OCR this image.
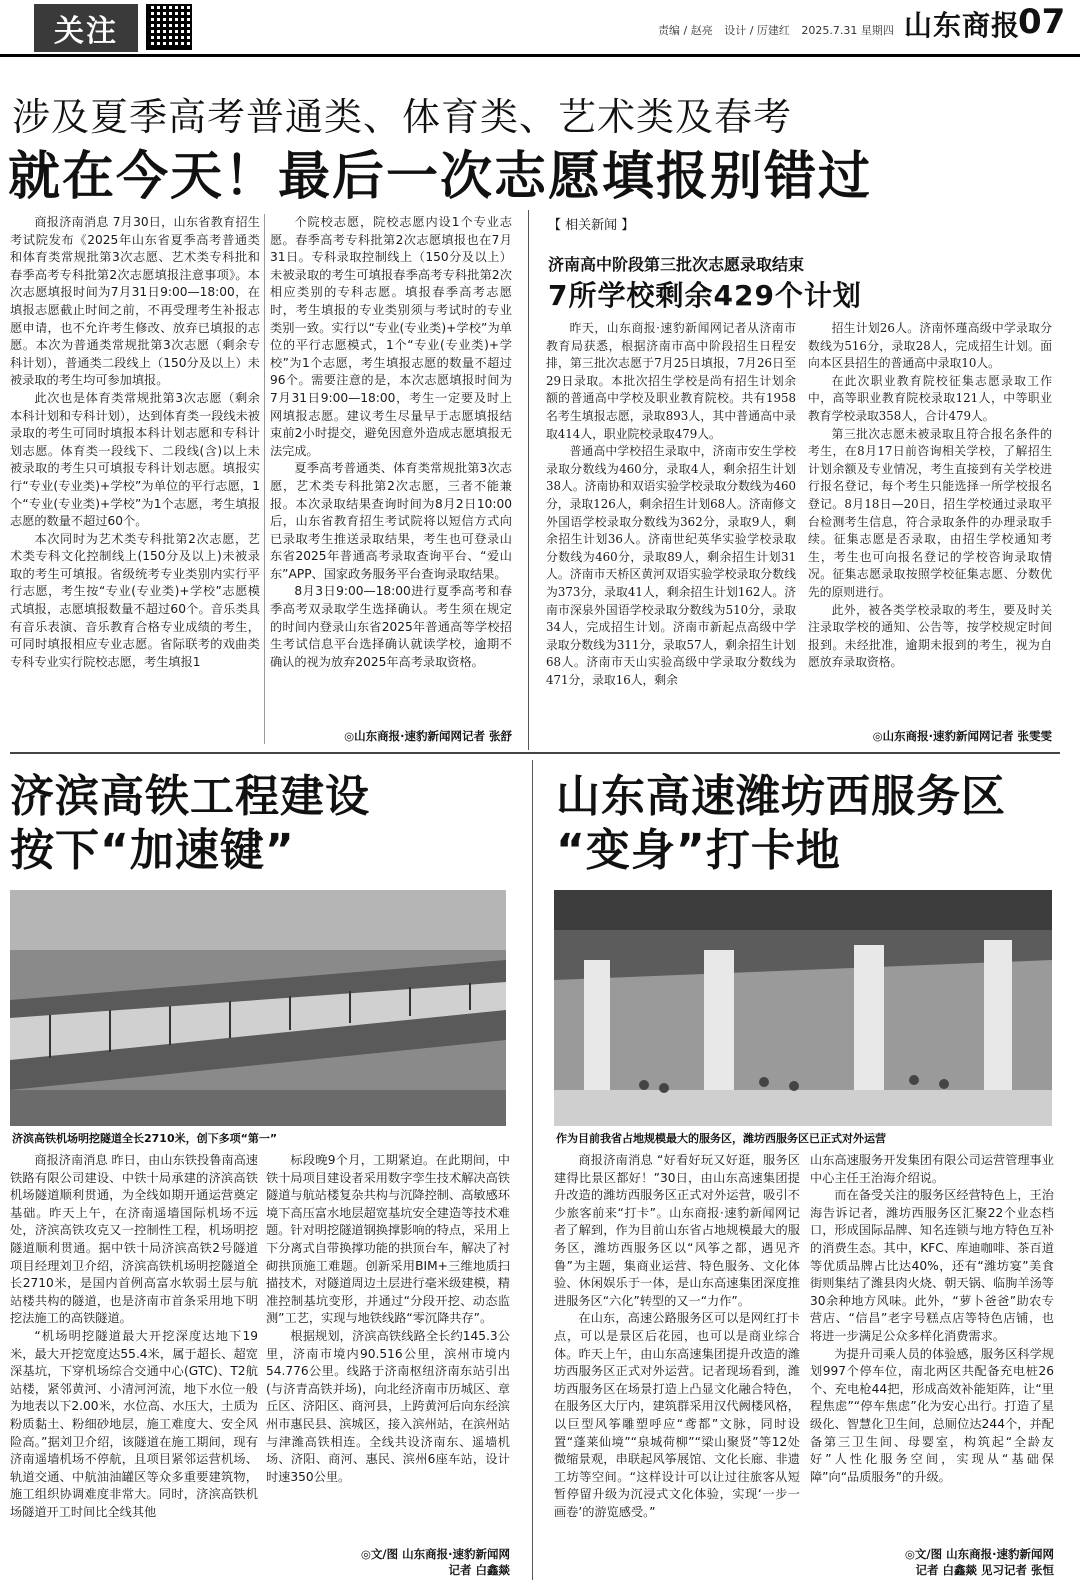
关注	责编 / 赵亮 设计 / 厉建红 2025.7.31 星期四 山东商报
07
涉及夏季高考普通类、体育类、艺术类及春考
就在今天！最后一次志愿填报别错过

商报济南消息 7月30日，山东省教育招生考试院发布《2025年山东省夏季高考普通类和体育类常规批第3次志愿、艺术类专科批和春季高考专科批第2次志愿填报注意事项》。本次志愿填报时间为7月31日9:00—18:00，在填报志愿截止时间之前，不再受理考生补报志愿申请，也不允许考生修改、放弃已填报的志愿。本次为普通类常规批第3次志愿（剩余专科计划），普通类二段线上（150分及以上）未被录取的考生均可参加填报。

此次也是体育类常规批第3次志愿（剩余本科计划和专科计划），达到体育类一段线未被录取的考生可同时填报本科计划志愿和专科计划志愿。体育类一段线下、二段线(含)以上未被录取的考生只可填报专科计划志愿。填报实行“专业(专业类)+学校”为单位的平行志愿，1个“专业(专业类)+学校”为1个志愿，考生填报志愿的数量不超过60个。

本次同时为艺术类专科批第2次志愿，艺术类专科文化控制线上(150分及以上)未被录取的考生可填报。省级统考专业类别内实行平行志愿，考生按“专业(专业类)+学校”志愿模式填报，志愿填报数量不超过60个。音乐类具有音乐表演、音乐教育合格专业成绩的考生，可同时填报相应专业志愿。省际联考的戏曲类专科专业实行院校志愿，考生填报1

个院校志愿，院校志愿内设1个专业志愿。春季高考专科批第2次志愿填报也在7月31日。专科录取控制线上（150分及以上）未被录取的考生可填报春季高考专科批第2次相应类别的专科志愿。填报春季高考志愿时，考生填报的专业类别须与考试时的专业类别一致。实行以“专业(专业类)+学校”为单位的平行志愿模式，1个“专业(专业类)+学校”为1个志愿，考生填报志愿的数量不超过96个。需要注意的是，本次志愿填报时间为7月31日9:00—18:00，考生一定要及时上网填报志愿。建议考生尽量早于志愿填报结束前2小时提交，避免因意外造成志愿填报无法完成。

夏季高考普通类、体育类常规批第3次志愿，艺术类专科批第2次志愿，三者不能兼报。本次录取结果查询时间为8月2日10:00后，山东省教育招生考试院将以短信方式向已录取考生推送录取结果，考生也可登录山东省2025年普通高考录取查询平台、“爱山东”APP、国家政务服务平台查询录取结果。

8月3日9:00—18:00进行夏季高考和春季高考双录取学生选择确认。考生须在规定的时间内登录山东省2025年普通高等学校招生考试信息平台选择确认就读学校，逾期不确认的视为放弃2025年高考录取资格。

◎山东商报·速豹新闻网记者 张舒
【 相关新闻 】
济南高中阶段第三批次志愿录取结束
7所学校剩余429个计划

昨天，山东商报·速豹新闻网记者从济南市教育局获悉，根据济南市高中阶段招生日程安排，第三批次志愿于7月25日填报，7月26日至29日录取。本批次招生学校是尚有招生计划余额的普通高中学校及职业教育院校。共有1958名考生填报志愿，录取893人，其中普通高中录取414人，职业院校录取479人。

普通高中学校招生录取中，济南市安生学校录取分数线为460分，录取4人，剩余招生计划38人。济南协和双语实验学校录取分数线为460分，录取126人，剩余招生计划68人。济南修文外国语学校录取分数线为362分，录取9人，剩余招生计划36人。济南世纪英华实验学校录取分数线为460分，录取89人，剩余招生计划31人。济南市天桥区黄河双语实验学校录取分数线为373分，录取41人，剩余招生计划162人。济南市深泉外国语学校录取分数线为510分，录取34人，完成招生计划。济南市新起点高级中学录取分数线为311分，录取57人，剩余招生计划68人。济南市天山实验高级中学录取分数线为471分，录取16人，剩余

招生计划26人。济南怀瑾高级中学录取分数线为516分，录取28人，完成招生计划。面向本区县招生的普通高中录取10人。

在此次职业教育院校征集志愿录取工作中，高等职业教育院校录取121人，中等职业教育学校录取358人，合计479人。

第三批次志愿未被录取且符合报名条件的考生，在8月17日前咨询相关学校，了解招生计划余额及专业情况，考生直接到有关学校进行报名登记，每个考生只能选择一所学校报名登记。8月18日—20日，招生学校通过录取平台检测考生信息，符合录取条件的办理录取手续。征集志愿是否录取，由招生学校通知考生，考生也可向报名登记的学校咨询录取情况。征集志愿录取按照学校征集志愿、分数优先的原则进行。

此外，被各类学校录取的考生，要及时关注录取学校的通知、公告等，按学校规定时间报到。未经批准，逾期未报到的考生，视为自愿放弃录取资格。

◎山东商报·速豹新闻网记者 张雯雯
济滨高铁工程建设
按下“加速键”
济滨高铁机场明挖隧道全长2710米，创下多项“第一”

商报济南消息 昨日，由山东铁投鲁南高速铁路有限公司建设、中铁十局承建的济滨高铁机场隧道顺利贯通，为全线如期开通运营奠定基础。昨天上午，在济南遥墙国际机场不远处，济滨高铁攻克又一控制性工程，机场明挖隧道顺利贯通。据中铁十局济滨高铁2号隧道项目经理刘卫介绍，济滨高铁机场明挖隧道全长2710米，是国内首例高富水软弱土层与航站楼共构的隧道，也是济南市首条采用地下明挖法施工的高铁隧道。

“机场明挖隧道最大开挖深度达地下19米，最大开挖宽度达55.4米，属于超长、超宽深基坑，下穿机场综合交通中心(GTC)、T2航站楼，紧邻黄河、小清河河流，地下水位一般为地表以下2.00米，水位高、水压大，土质为粉质黏土、粉细砂地层，施工难度大、安全风险高。”据刘卫介绍，该隧道在施工期间，现有济南遥墙机场不停航，且项目紧邻运营机场、轨道交通、中航油油罐区等众多重要建筑物，施工组织协调难度非常大。同时，济滨高铁机场隧道开工时间比全线其他

标段晚9个月，工期紧迫。在此期间，中铁十局项目建设者采用数字孪生技术解决高铁隧道与航站楼复杂共构与沉降控制、高敏感环境下高压富水地层超宽基坑安全建造等技术难题。针对明挖隧道钢换撑影响的特点，采用上下分离式自带换撑功能的拱顶台车，解决了衬砌拱顶施工难题。创新采用BIM+三维地质扫描技术，对隧道周边土层进行毫米级建模，精准控制基坑变形，并通过“分段开挖、动态监测”工艺，实现与地铁线路“零沉降共存”。

根据规划，济滨高铁线路全长约145.3公里，济南市境内90.516公里，滨州市境内54.776公里。线路于济南枢纽济南东站引出(与济青高铁并场)，向北经济南市历城区、章丘区、济阳区、商河县，上跨黄河后向东经滨州市惠民县、滨城区，接入滨州站，在滨州站与津潍高铁相连。全线共设济南东、遥墙机场、济阳、商河、惠民、滨州6座车站，设计时速350公里。

◎文/图 山东商报·速豹新闻网
记者 白鑫燚
山东高速潍坊西服务区
“变身”打卡地
作为目前我省占地规模最大的服务区，潍坊西服务区已正式对外运营

商报济南消息 “好看好玩又好逛，服务区建得比景区都好！”30日，由山东高速集团提升改造的潍坊西服务区正式对外运营，吸引不少旅客前来“打卡”。山东商报·速豹新闻网记者了解到，作为目前山东省占地规模最大的服务区，潍坊西服务区以“风筝之都，遇见齐鲁”为主题，集商业运营、特色服务、文化体验、休闲娱乐于一体，是山东高速集团深度推进服务区“六化”转型的又一“力作”。

在山东，高速公路服务区可以是网红打卡点，可以是景区后花园，也可以是商业综合体。昨天上午，由山东高速集团提升改造的潍坊西服务区正式对外运营。记者现场看到，潍坊西服务区在场景打造上凸显文化融合特色，在服务区大厅内，建筑群采用汉代阙楼风格，以巨型风筝雕塑呼应“鸢都”文脉，同时设置“蓬莱仙境”“泉城荷柳”“梁山聚贤”等12处微缩景观，串联起风筝展馆、文化长廊、非遗工坊等空间。“这样设计可以让过往旅客从短暂停留升级为沉浸式文化体验，实现‘一步一画卷’的游览感受。”

山东高速服务开发集团有限公司运营管理事业中心主任王治海介绍说。

而在备受关注的服务区经营特色上，王治海告诉记者，潍坊西服务区汇聚22个业态档口，形成国际品牌、知名连锁与地方特色互补的消费生态。其中，KFC、库迪咖啡、茶百道等优质品牌占比达40%，还有“潍坊宴”美食街则集结了潍县肉火烧、朝天锅、临朐羊汤等30余种地方风味。此外，“萝卜爸爸”助农专营店、“信昌”老字号糕点店等特色店铺，也将进一步满足公众多样化消费需求。

为提升司乘人员的体验感，服务区科学规划997个停车位，南北两区共配备充电桩26个、充电枪44把，形成高效补能矩阵，让“里程焦虑”“停车焦虑”化为安心出行。打造了星级化、智慧化卫生间，总厕位达244个，并配备第三卫生间、母婴室，构筑起“全龄友好”人性化服务空间，实现从“基础保障”向“品质服务”的升级。

◎文/图 山东商报·速豹新闻网
记者 白鑫燚 见习记者 张恒
